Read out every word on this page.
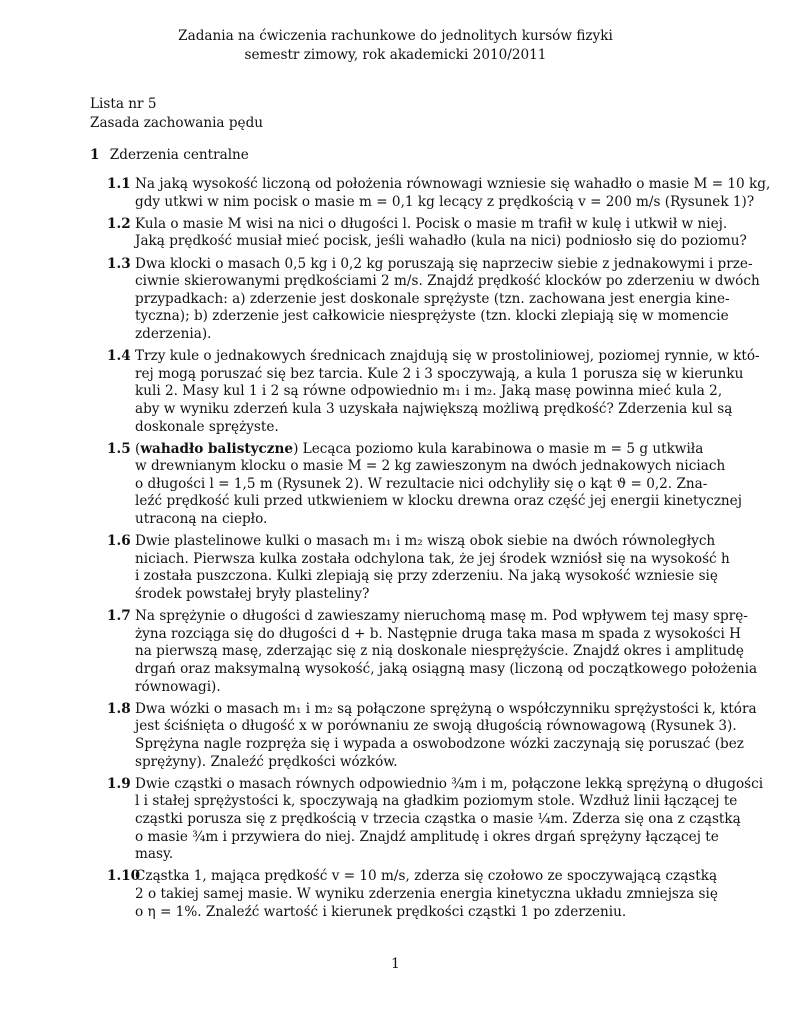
Zadania na ćwiczenia rachunkowe do jednolitych kursów fizyki
semestr zimowy, rok akademicki 2010/2011
Lista nr 5
Zasada zachowania pędu
1 Zderzenia centralne
1.1 Na jaką wysokość liczoną od położenia równowagi wzniesie się wahadło o masie M = 10 kg,
gdy utkwi w nim pocisk o masie m = 0,1 kg lecący z prędkością v = 200 m/s (Rysunek 1)?
1.2 Kula o masie M wisi na nici o długości l. Pocisk o masie m trafił w kulę i utkwił w niej.
Jaką prędkość musiał mieć pocisk, jeśli wahadło (kula na nici) podniosło się do poziomu?
1.3 Dwa klocki o masach 0,5 kg i 0,2 kg poruszają się naprzeciw siebie z jednakowymi i prze-
ciwnie skierowanymi prędkościami 2 m/s. Znajdź prędkość klocków po zderzeniu w dwóch
przypadkach: a) zderzenie jest doskonale sprężyste (tzn. zachowana jest energia kine-
tyczna); b) zderzenie jest całkowicie niesprężyste (tzn. klocki zlepiają się w momencie
zderzenia).
1.4 Trzy kule o jednakowych średnicach znajdują się w prostoliniowej, poziomej rynnie, w któ-
rej mogą poruszać się bez tarcia. Kule 2 i 3 spoczywają, a kula 1 porusza się w kierunku
kuli 2. Masy kul 1 i 2 są równe odpowiednio m₁ i m₂. Jaką masę powinna mieć kula 2,
aby w wyniku zderzeń kula 3 uzyskała największą możliwą prędkość? Zderzenia kul są
doskonale sprężyste.
1.5 (wahadło balistyczne) Lecąca poziomo kula karabinowa o masie m = 5 g utkwiła
w drewnianym klocku o masie M = 2 kg zawieszonym na dwóch jednakowych niciach
o długości l = 1,5 m (Rysunek 2). W rezultacie nici odchyliły się o kąt ϑ = 0,2. Zna-
leźć prędkość kuli przed utkwieniem w klocku drewna oraz część jej energii kinetycznej
utraconą na ciepło.
1.6 Dwie plastelinowe kulki o masach m₁ i m₂ wiszą obok siebie na dwóch równoległych
niciach. Pierwsza kulka została odchylona tak, że jej środek wzniósł się na wysokość h
i została puszczona. Kulki zlepiają się przy zderzeniu. Na jaką wysokość wzniesie się
środek powstałej bryły plasteliny?
1.7 Na sprężynie o długości d zawieszamy nieruchomą masę m. Pod wpływem tej masy sprę-
żyna rozciąga się do długości d + b. Następnie druga taka masa m spada z wysokości H
na pierwszą masę, zderzając się z nią doskonale niesprężyście. Znajdź okres i amplitudę
drgań oraz maksymalną wysokość, jaką osiągną masy (liczoną od początkowego położenia
równowagi).
1.8 Dwa wózki o masach m₁ i m₂ są połączone sprężyną o współczynniku sprężystości k, która
jest ściśnięta o długość x w porównaniu ze swoją długością równowagową (Rysunek 3).
Sprężyna nagle rozpręża się i wypada a oswobodzone wózki zaczynają się poruszać (bez
sprężyny). Znaleźć prędkości wózków.
1.9 Dwie cząstki o masach równych odpowiednio ¾m i m, połączone lekką sprężyną o długości
l i stałej sprężystości k, spoczywają na gładkim poziomym stole. Wzdłuż linii łączącej te
cząstki porusza się z prędkością v trzecia cząstka o masie ¼m. Zderza się ona z cząstką
o masie ¾m i przywiera do niej. Znajdź amplitudę i okres drgań sprężyny łączącej te
masy.
1.10
Cząstka 1, mająca prędkość v = 10 m/s, zderza się czołowo ze spoczywającą cząstką
2 o takiej samej masie. W wyniku zderzenia energia kinetyczna układu zmniejsza się
o η = 1%. Znaleźć wartość i kierunek prędkości cząstki 1 po zderzeniu.
1
